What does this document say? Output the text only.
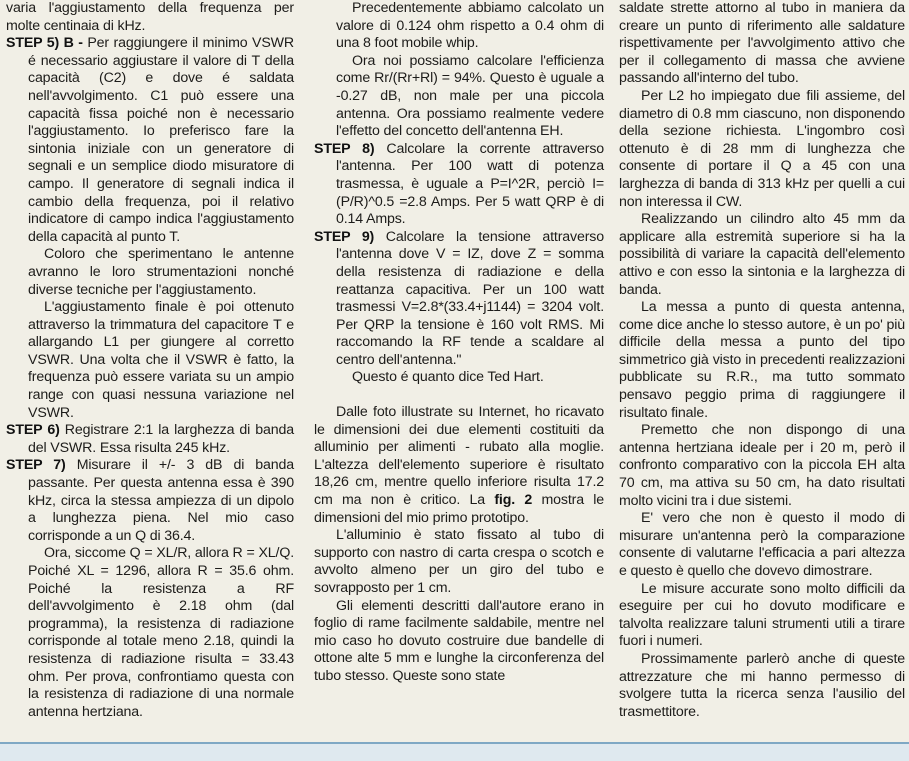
varia l'aggiustamento della frequenza per molte centinaia di kHz.

STEP 5) B - Per raggiungere il minimo VSWR é necessario aggiustare il valore di T della capacità (C2) e dove é saldata nell'avvolgimento. C1 può essere una capacità fissa poiché non è necessario l'aggiustamento. Io preferisco fare la sintonia iniziale con un generatore di segnali e un semplice diodo misuratore di campo. Il generatore di segnali indica il cambio della frequenza, poi il relativo indicatore di campo indica l'aggiustamento della capacità al punto T.

Coloro che sperimentano le antenne avranno le loro strumentazioni nonché diverse tecniche per l'aggiustamento.

L'aggiustamento finale è poi ottenuto attraverso la trimmatura del capacitore T e allargando L1 per giungere al corretto VSWR. Una volta che il VSWR è fatto, la frequenza può essere variata su un ampio range con quasi nessuna variazione nel VSWR.

STEP 6) Registrare 2:1 la larghezza di banda del VSWR. Essa risulta 245 kHz.

STEP 7) Misurare il +/- 3 dB di banda passante. Per questa antenna essa è 390 kHz, circa la stessa ampiezza di un dipolo a lunghezza piena. Nel mio caso corrisponde a un Q di 36.4.

Ora, siccome Q = XL/R, allora R = XL/Q. Poiché XL = 1296, allora R = 35.6 ohm. Poiché la resistenza a RF dell'avvolgimento è 2.18 ohm (dal programma), la resistenza di radiazione corrisponde al totale meno 2.18, quindi la resistenza di radiazione risulta = 33.43 ohm. Per prova, confrontiamo questa con la resistenza di radiazione di una normale antenna hertziana.

Precedentemente abbiamo calcolato un valore di 0.124 ohm rispetto a 0.4 ohm di una 8 foot mobile whip.

Ora noi possiamo calcolare l'efficienza come Rr/(Rr+Rl) = 94%. Questo è uguale a -0.27 dB, non male per una piccola antenna. Ora possiamo realmente vedere l'effetto del concetto dell'antenna EH.

STEP 8) Calcolare la corrente attraverso l'antenna. Per 100 watt di potenza trasmessa, è uguale a P=I^2R, perciò I=(P/R)^0.5 =2.8 Amps. Per 5 watt QRP è di 0.14 Amps.

STEP 9) Calcolare la tensione attraverso l'antenna dove V = IZ, dove Z = somma della resistenza di radiazione e della reattanza capacitiva. Per un 100 watt trasmessi V=2.8*(33.4+j1144) = 3204 volt. Per QRP la tensione è 160 volt RMS. Mi raccomando la RF tende a scaldare al centro dell'antenna."

Questo é quanto dice Ted Hart.

Dalle foto illustrate su Internet, ho ricavato le dimensioni dei due elementi costituiti da alluminio per alimenti - rubato alla moglie. L'altezza dell'elemento superiore è risultato 18,26 cm, mentre quello inferiore risulta 17.2 cm ma non è critico. La fig. 2 mostra le dimensioni del mio primo prototipo.

L'alluminio è stato fissato al tubo di supporto con nastro di carta crespa o scotch e avvolto almeno per un giro del tubo e sovrapposto per 1 cm.

Gli elementi descritti dall'autore erano in foglio di rame facilmente saldabile, mentre nel mio caso ho dovuto costruire due bandelle di ottone alte 5 mm e lunghe la circonferenza del tubo stesso. Queste sono state

saldate strette attorno al tubo in maniera da creare un punto di riferimento alle saldature rispettivamente per l'avvolgimento attivo che per il collegamento di massa che avviene passando all'interno del tubo.

Per L2 ho impiegato due fili assieme, del diametro di 0.8 mm ciascuno, non disponendo della sezione richiesta. L'ingombro così ottenuto è di 28 mm di lunghezza che consente di portare il Q a 45 con una larghezza di banda di 313 kHz per quelli a cui non interessa il CW.

Realizzando un cilindro alto 45 mm da applicare alla estremità superiore si ha la possibilità di variare la capacità dell'elemento attivo e con esso la sintonia e la larghezza di banda.

La messa a punto di questa antenna, come dice anche lo stesso autore, è un po' più difficile della messa a punto del tipo simmetrico già visto in precedenti realizzazioni pubblicate su R.R., ma tutto sommato pensavo peggio prima di raggiungere il risultato finale.

Premetto che non dispongo di una antenna hertziana ideale per i 20 m, però il confronto comparativo con la piccola EH alta 70 cm, ma attiva su 50 cm, ha dato risultati molto vicini tra i due sistemi.

E' vero che non è questo il modo di misurare un'antenna però la comparazione consente di valutarne l'efficacia a pari altezza e questo è quello che dovevo dimostrare.

Le misure accurate sono molto difficili da eseguire per cui ho dovuto modificare e talvolta realizzare taluni strumenti utili a tirare fuori i numeri.

Prossimamente parlerò anche di queste attrezzature che mi hanno permesso di svolgere tutta la ricerca senza l'ausilio del trasmettitore.
